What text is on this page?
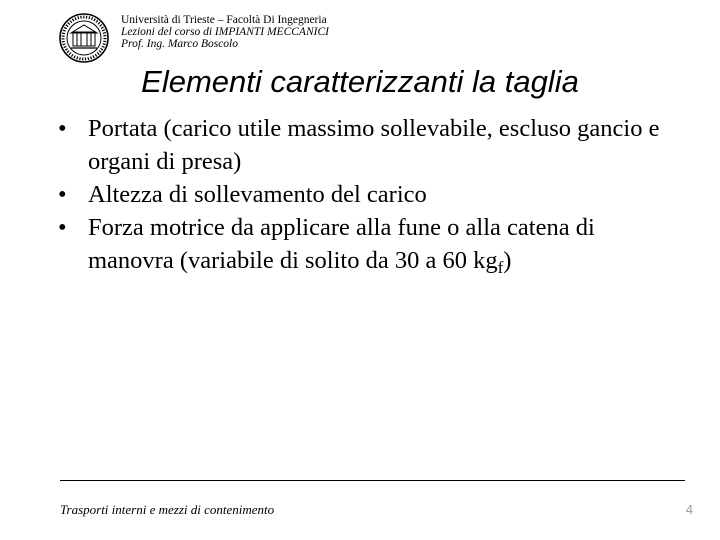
Università di Trieste – Facoltà Di Ingegneria
Lezioni del corso di IMPIANTI MECCANICI
Prof. Ing. Marco Boscolo
Elementi caratterizzanti la taglia
• Portata (carico utile massimo sollevabile, escluso gancio e organi di presa)
• Altezza di sollevamento del carico
• Forza motrice da applicare alla fune o alla catena di manovra (variabile di solito da 30 a 60 $kg_f$)
Trasporti interni e mezzi di contenimento	4
